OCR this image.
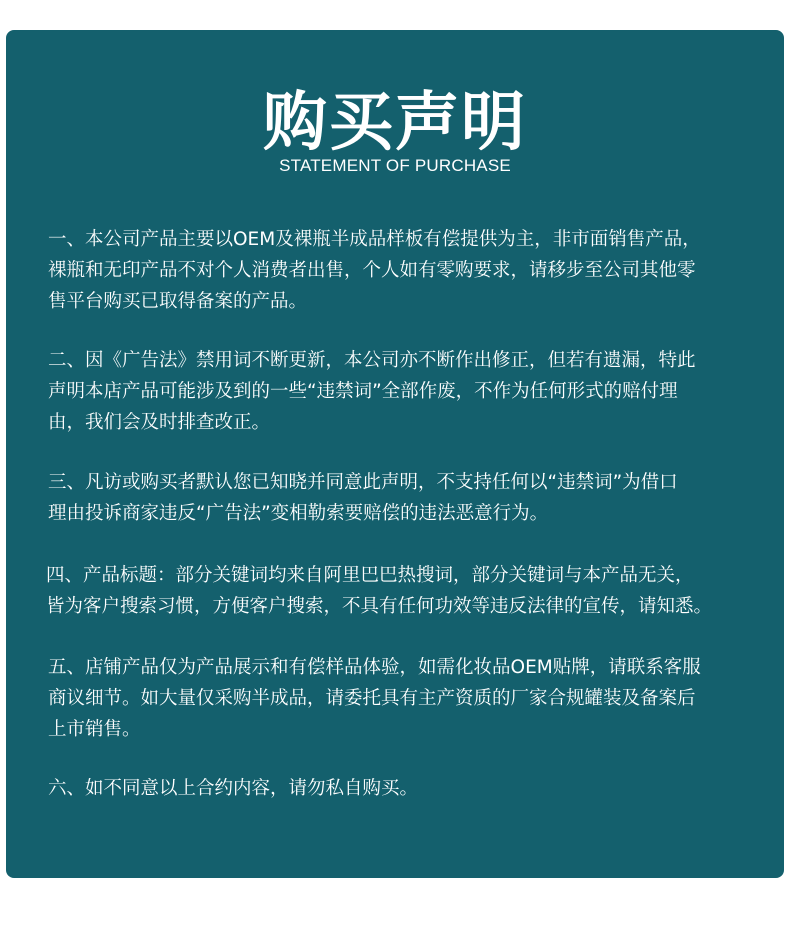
购买声明
STATEMENT OF PURCHASE
一、本公司产品主要以OEM及裸瓶半成品样板有偿提供为主，非市面销售产品，
裸瓶和无印产品不对个人消费者出售，个人如有零购要求，请移步至公司其他零
售平台购买已取得备案的产品。
二、因《广告法》禁用词不断更新，本公司亦不断作出修正，但若有遗漏，特此
声明本店产品可能涉及到的一些“违禁词”全部作废，不作为任何形式的赔付理
由，我们会及时排查改正。
三、凡访或购买者默认您已知晓并同意此声明，不支持任何以“违禁词”为借口
理由投诉商家违反“广告法”变相勒索要赔偿的违法恶意行为。
四、产品标题：部分关键词均来自阿里巴巴热搜词，部分关键词与本产品无关，
皆为客户搜索习惯，方便客户搜索，不具有任何功效等违反法律的宣传，请知悉。
五、店铺产品仅为产品展示和有偿样品体验，如需化妆品OEM贴牌，请联系客服
商议细节。如大量仅采购半成品，请委托具有主产资质的厂家合规罐装及备案后
上市销售。
六、如不同意以上合约内容，请勿私自购买。
